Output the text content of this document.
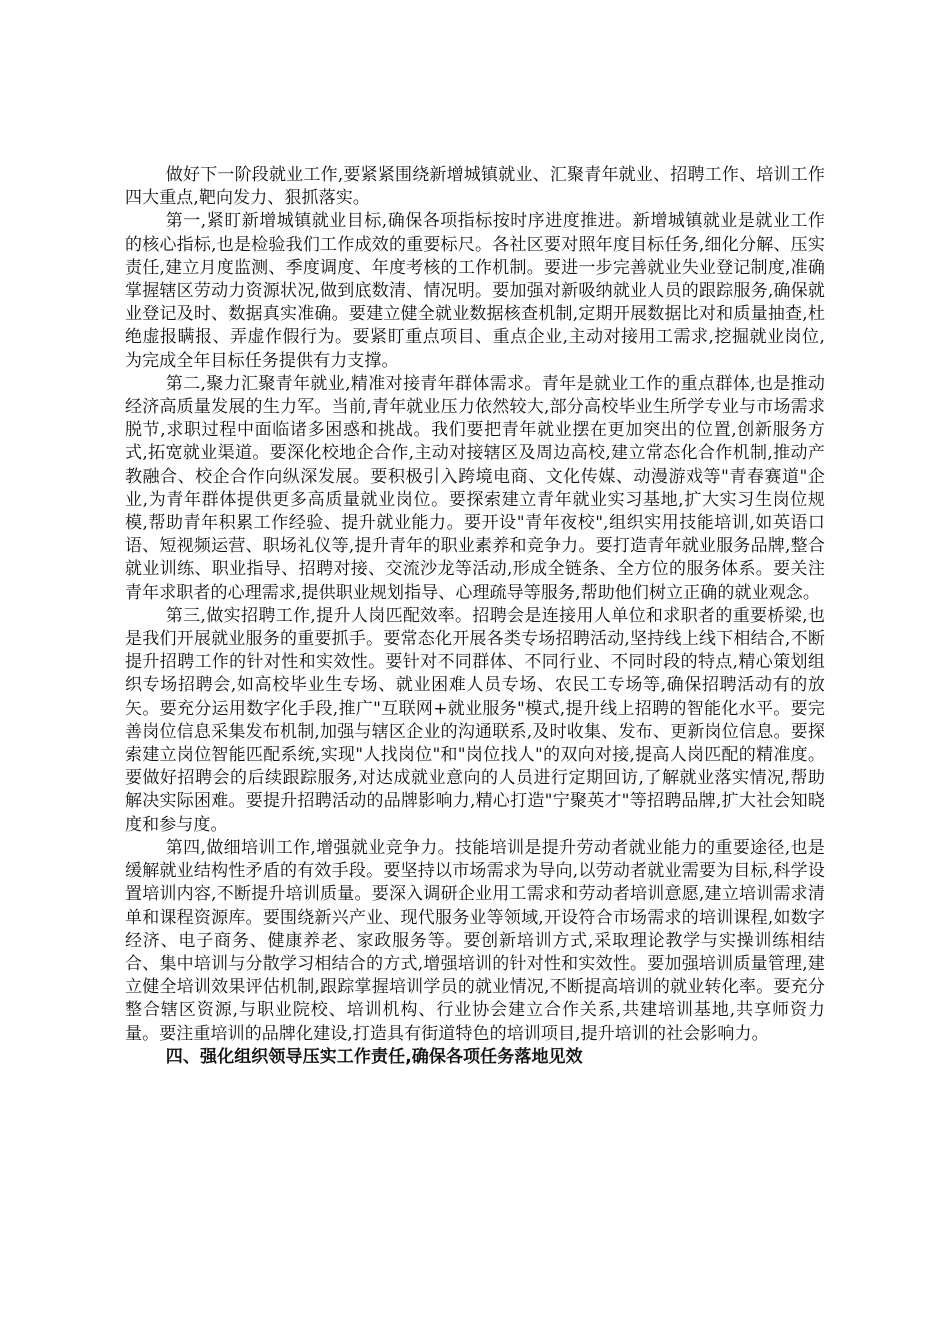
做好下一阶段就业工作,要紧紧围绕新增城镇就业、汇聚青年就业、招聘工作、培训工作四大重点,靶向发力、狠抓落实。

第一,紧盯新增城镇就业目标,确保各项指标按时序进度推进。新增城镇就业是就业工作的核心指标,也是检验我们工作成效的重要标尺。各社区要对照年度目标任务,细化分解、压实责任,建立月度监测、季度调度、年度考核的工作机制。要进一步完善就业失业登记制度,准确掌握辖区劳动力资源状况,做到底数清、情况明。要加强对新吸纳就业人员的跟踪服务,确保就业登记及时、数据真实准确。要建立健全就业数据核查机制,定期开展数据比对和质量抽查,杜绝虚报瞒报、弄虚作假行为。要紧盯重点项目、重点企业,主动对接用工需求,挖掘就业岗位,为完成全年目标任务提供有力支撑。

第二,聚力汇聚青年就业,精准对接青年群体需求。青年是就业工作的重点群体,也是推动经济高质量发展的生力军。当前,青年就业压力依然较大,部分高校毕业生所学专业与市场需求脱节,求职过程中面临诸多困惑和挑战。我们要把青年就业摆在更加突出的位置,创新服务方式,拓宽就业渠道。要深化校地企合作,主动对接辖区及周边高校,建立常态化合作机制,推动产教融合、校企合作向纵深发展。要积极引入跨境电商、文化传媒、动漫游戏等"青春赛道"企业,为青年群体提供更多高质量就业岗位。要探索建立青年就业实习基地,扩大实习生岗位规模,帮助青年积累工作经验、提升就业能力。要开设"青年夜校",组织实用技能培训,如英语口语、短视频运营、职场礼仪等,提升青年的职业素养和竞争力。要打造青年就业服务品牌,整合就业训练、职业指导、招聘对接、交流沙龙等活动,形成全链条、全方位的服务体系。要关注青年求职者的心理需求,提供职业规划指导、心理疏导等服务,帮助他们树立正确的就业观念。

第三,做实招聘工作,提升人岗匹配效率。招聘会是连接用人单位和求职者的重要桥梁,也是我们开展就业服务的重要抓手。要常态化开展各类专场招聘活动,坚持线上线下相结合,不断提升招聘工作的针对性和实效性。要针对不同群体、不同行业、不同时段的特点,精心策划组织专场招聘会,如高校毕业生专场、就业困难人员专场、农民工专场等,确保招聘活动有的放矢。要充分运用数字化手段,推广"互联网+就业服务"模式,提升线上招聘的智能化水平。要完善岗位信息采集发布机制,加强与辖区企业的沟通联系,及时收集、发布、更新岗位信息。要探索建立岗位智能匹配系统,实现"人找岗位"和"岗位找人"的双向对接,提高人岗匹配的精准度。要做好招聘会的后续跟踪服务,对达成就业意向的人员进行定期回访,了解就业落实情况,帮助解决实际困难。要提升招聘活动的品牌影响力,精心打造"宁聚英才"等招聘品牌,扩大社会知晓度和参与度。

第四,做细培训工作,增强就业竞争力。技能培训是提升劳动者就业能力的重要途径,也是缓解就业结构性矛盾的有效手段。要坚持以市场需求为导向,以劳动者就业需要为目标,科学设置培训内容,不断提升培训质量。要深入调研企业用工需求和劳动者培训意愿,建立培训需求清单和课程资源库。要围绕新兴产业、现代服务业等领域,开设符合市场需求的培训课程,如数字经济、电子商务、健康养老、家政服务等。要创新培训方式,采取理论教学与实操训练相结合、集中培训与分散学习相结合的方式,增强培训的针对性和实效性。要加强培训质量管理,建立健全培训效果评估机制,跟踪掌握培训学员的就业情况,不断提高培训的就业转化率。要充分整合辖区资源,与职业院校、培训机构、行业协会建立合作关系,共建培训基地,共享师资力量。要注重培训的品牌化建设,打造具有街道特色的培训项目,提升培训的社会影响力。

四、强化组织领导压实工作责任,确保各项任务落地见效
